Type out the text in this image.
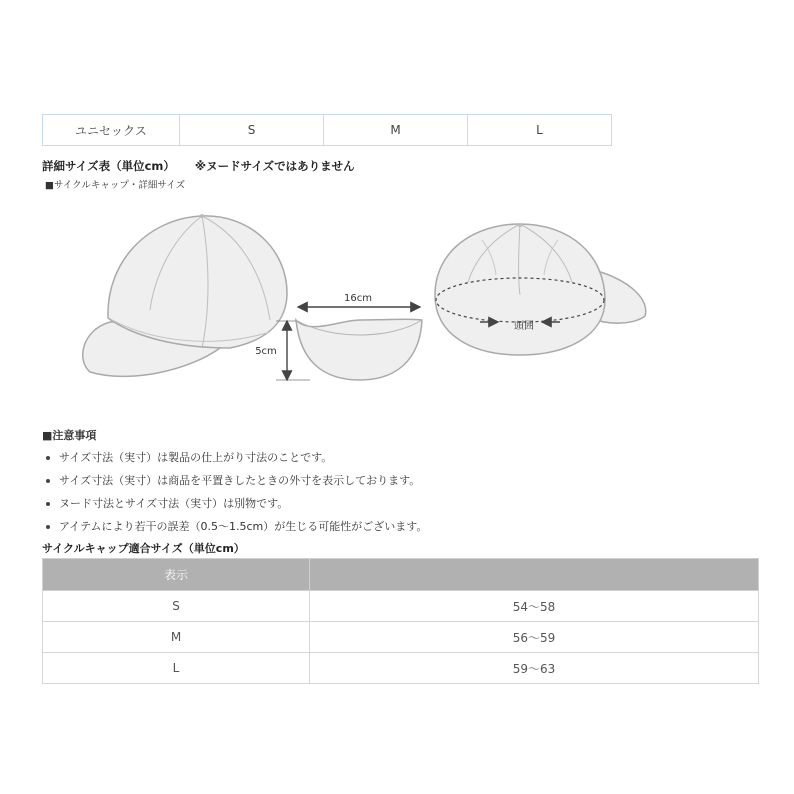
ユニセックス	S	M	L
詳細サイズ表（単位cm） ※ヌードサイズではありません
■サイクルキャップ・詳細サイズ
16cm
5cm
頭囲
■注意事項
サイズ寸法（実寸）は製品の仕上がり寸法のことです。
サイズ寸法（実寸）は商品を平置きしたときの外寸を表示しております。
ヌード寸法とサイズ寸法（実寸）は別物です。
アイテムにより若干の誤差（0.5〜1.5cm）が生じる可能性がございます。
サイクルキャップ適合サイズ（単位cm）
表示	
S	54〜58
M	56〜59
L	59〜63
